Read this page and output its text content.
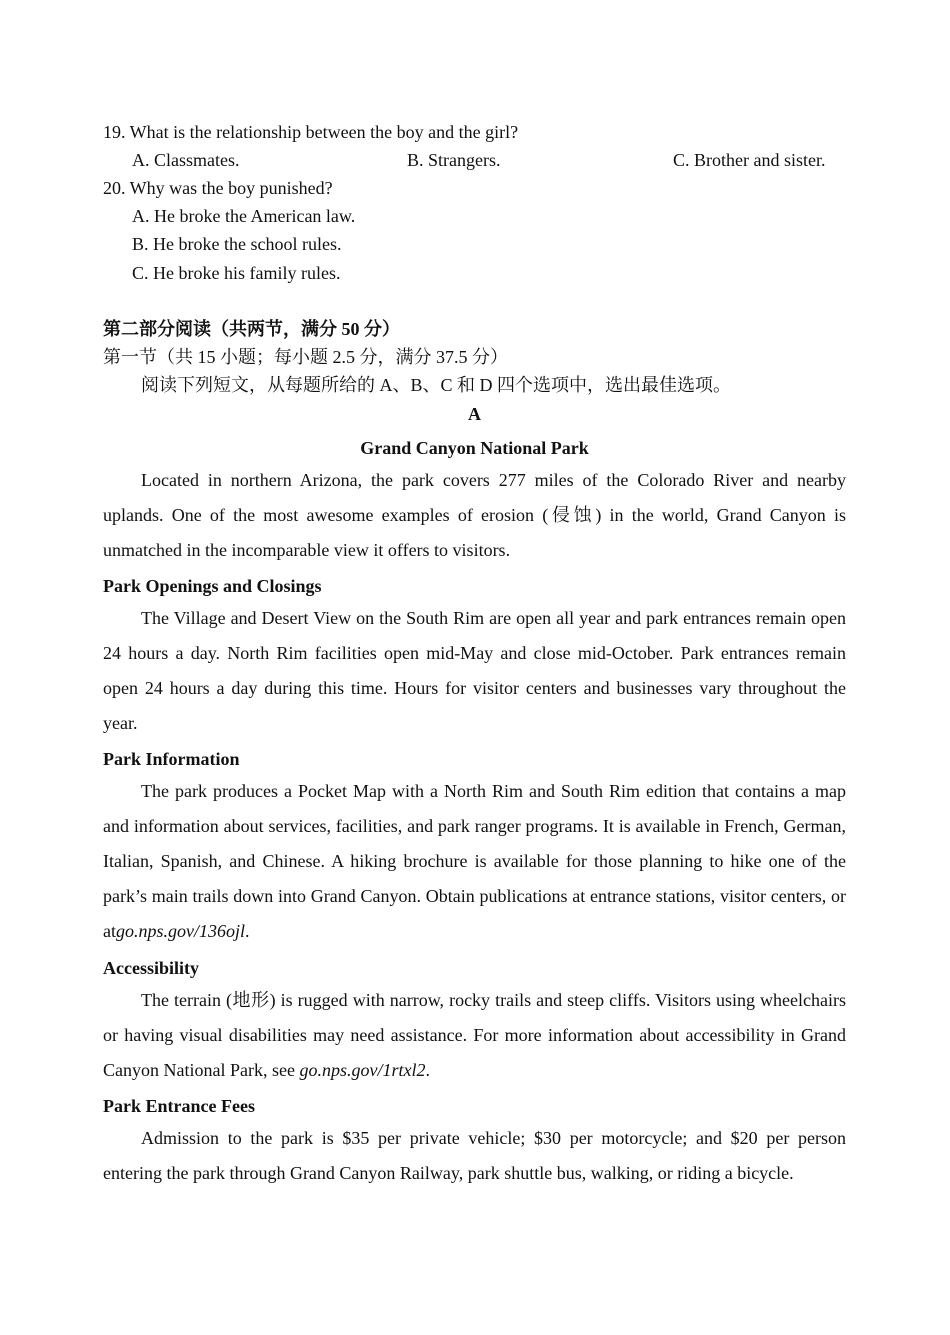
19. What is the relationship between the boy and the girl?
A. Classmates.	B. Strangers.	C. Brother and sister.
20. Why was the boy punished?
A. He broke the American law.
B. He broke the school rules.
C. He broke his family rules.
第二部分阅读（共两节，满分 50 分）
第一节（共 15 小题；每小题 2.5 分，满分 37.5 分）
阅读下列短文，从每题所给的 A、B、C 和 D 四个选项中，选出最佳选项。
A
Grand Canyon National Park
Located in northern Arizona, the park covers 277 miles of the Colorado River and nearby uplands. One of the most awesome examples of erosion (侵蚀) in the world, Grand Canyon is unmatched in the incomparable view it offers to visitors.
Park Openings and Closings
The Village and Desert View on the South Rim are open all year and park entrances remain open 24 hours a day. North Rim facilities open mid-May and close mid-October. Park entrances remain open 24 hours a day during this time. Hours for visitor centers and businesses vary throughout the year.
Park Information
The park produces a Pocket Map with a North Rim and South Rim edition that contains a map and information about services, facilities, and park ranger programs. It is available in French, German, Italian, Spanish, and Chinese. A hiking brochure is available for those planning to hike one of the park’s main trails down into Grand Canyon. Obtain publications at entrance stations, visitor centers, or atgo.nps.gov/136ojl.
Accessibility
The terrain (地形) is rugged with narrow, rocky trails and steep cliffs. Visitors using wheelchairs or having visual disabilities may need assistance. For more information about accessibility in Grand Canyon National Park, see go.nps.gov/1rtxl2.
Park Entrance Fees
Admission to the park is $35 per private vehicle; $30 per motorcycle; and $20 per person entering the park through Grand Canyon Railway, park shuttle bus, walking, or riding a bicycle.
